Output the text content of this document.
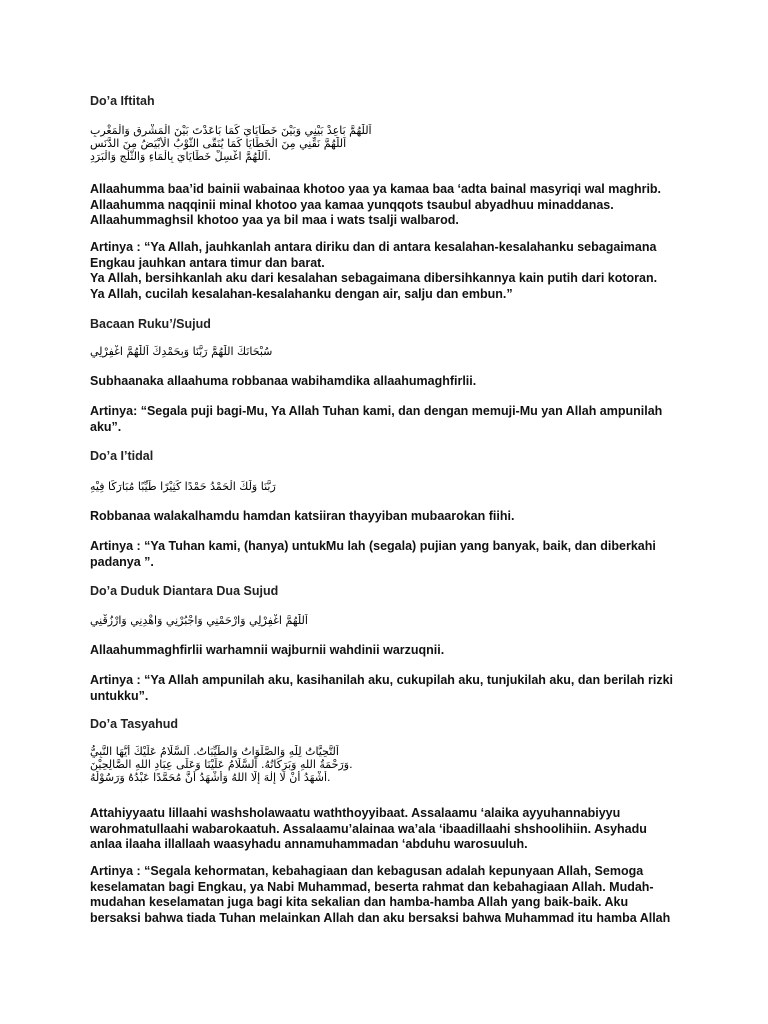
Do’a Iftitah
اَللّٰهُمَّ بَاعِدْ بَيْنِي وَبَيْنَ خَطَايَايَ كَمَا بَاعَدْتَ بَيْنَ الْمَشْرِقِ وَالْمَغْرِبِ
اَللّٰهُمَّ نَقِّنِي مِنَ الْخَطَايَا كَمَا يُنَقَّى الثَّوْبُ الْأَبْيَضُ مِنَ الدَّنَسِ
.اَللّٰهُمَّ اغْسِلْ خَطَايَايَ بِالْمَاءِ وَالثَّلْجِ وَالْبَرَدِ
Allaahumma baa’id bainii wabainaa khotoo yaa ya kamaa baa ‘adta bainal masyriqi wal maghrib.
Allaahumma naqqinii minal khotoo yaa kamaa yunqqots tsaubul abyadhuu minaddanas.
Allaahummaghsil khotoo yaa ya bil maa i wats tsalji walbarod.
Artinya : “Ya Allah, jauhkanlah antara diriku dan di antara kesalahan-kesalahanku sebagaimana
Engkau jauhkan antara timur dan barat.
Ya Allah, bersihkanlah aku dari kesalahan sebagaimana dibersihkannya kain putih dari kotoran.
Ya Allah, cucilah kesalahan-kesalahanku dengan air, salju dan embun.”
Bacaan Ruku’/Sujud
سُبْحَانَكَ اللّٰهُمَّ رَبَّنَا وَبِحَمْدِكَ اَللّٰهُمَّ اغْفِرْلِي
Subhaanaka allaahuma robbanaa wabihamdika allaahumaghfirlii.
Artinya: “Segala puji bagi-Mu, Ya Allah Tuhan kami, dan dengan memuji-Mu yan Allah ampunilah
aku”.
Do’a I’tidal
رَبَّنَا وَلَكَ الْحَمْدُ حَمْدًا كَثِيْرًا طَيِّبًا مُبَارَكًا فِيْهِ
Robbanaa walakalhamdu hamdan katsiiran thayyiban mubaarokan fiihi.
Artinya : “Ya Tuhan kami, (hanya) untukMu lah (segala) pujian yang banyak, baik, dan diberkahi
padanya ”.
Do’a Duduk Diantara Dua Sujud
اَللّٰهُمَّ اغْفِرْلِي وَارْحَمْنِي وَاجْبُرْنِي وَاهْدِنِي وَارْزُقْنِي
Allaahummaghfirlii warhamnii wajburnii wahdinii warzuqnii.
Artinya : “Ya Allah ampunilah aku, kasihanilah aku, cukupilah aku, tunjukilah aku, dan berilah rizki
untukku”.
Do’a Tasyahud
اَلتَّحِيَّاتُ لِلّٰهِ وَالصَّلَوَاتُ وَالطَّيِّبَاتُ. اَلسَّلَامُ عَلَيْكَ أَيُّهَا النَّبِيُّ
.وَرَحْمَةُ اللهِ وَبَرَكَاتُهُ. اَلسَّلَامُ عَلَيْنَا وَعَلَى عِبَادِ اللهِ الصَّالِحِيْنَ
.أَشْهَدُ أَنْ لَا إِلٰهَ إِلَّا اللهُ وَأَشْهَدُ أَنَّ مُحَمَّدًا عَبْدُهُ وَرَسُوْلُهُ
Attahiyyaatu lillaahi washsholawaatu waththoyyibaat. Assalaamu ‘alaika ayyuhannabiyyu
warohmatullaahi wabarokaatuh. Assalaamu’alainaa wa’ala ‘ibaadillaahi shshoolihiin. Asyhadu
anlaa ilaaha illallaah waasyhadu annamuhammadan ‘abduhu warosuuluh.
Artinya : “Segala kehormatan, kebahagiaan dan kebagusan adalah kepunyaan Allah, Semoga
keselamatan bagi Engkau, ya Nabi Muhammad, beserta rahmat dan kebahagiaan Allah. Mudah-
mudahan keselamatan juga bagi kita sekalian dan hamba-hamba Allah yang baik-baik. Aku
bersaksi bahwa tiada Tuhan melainkan Allah dan aku bersaksi bahwa Muhammad itu hamba Allah
